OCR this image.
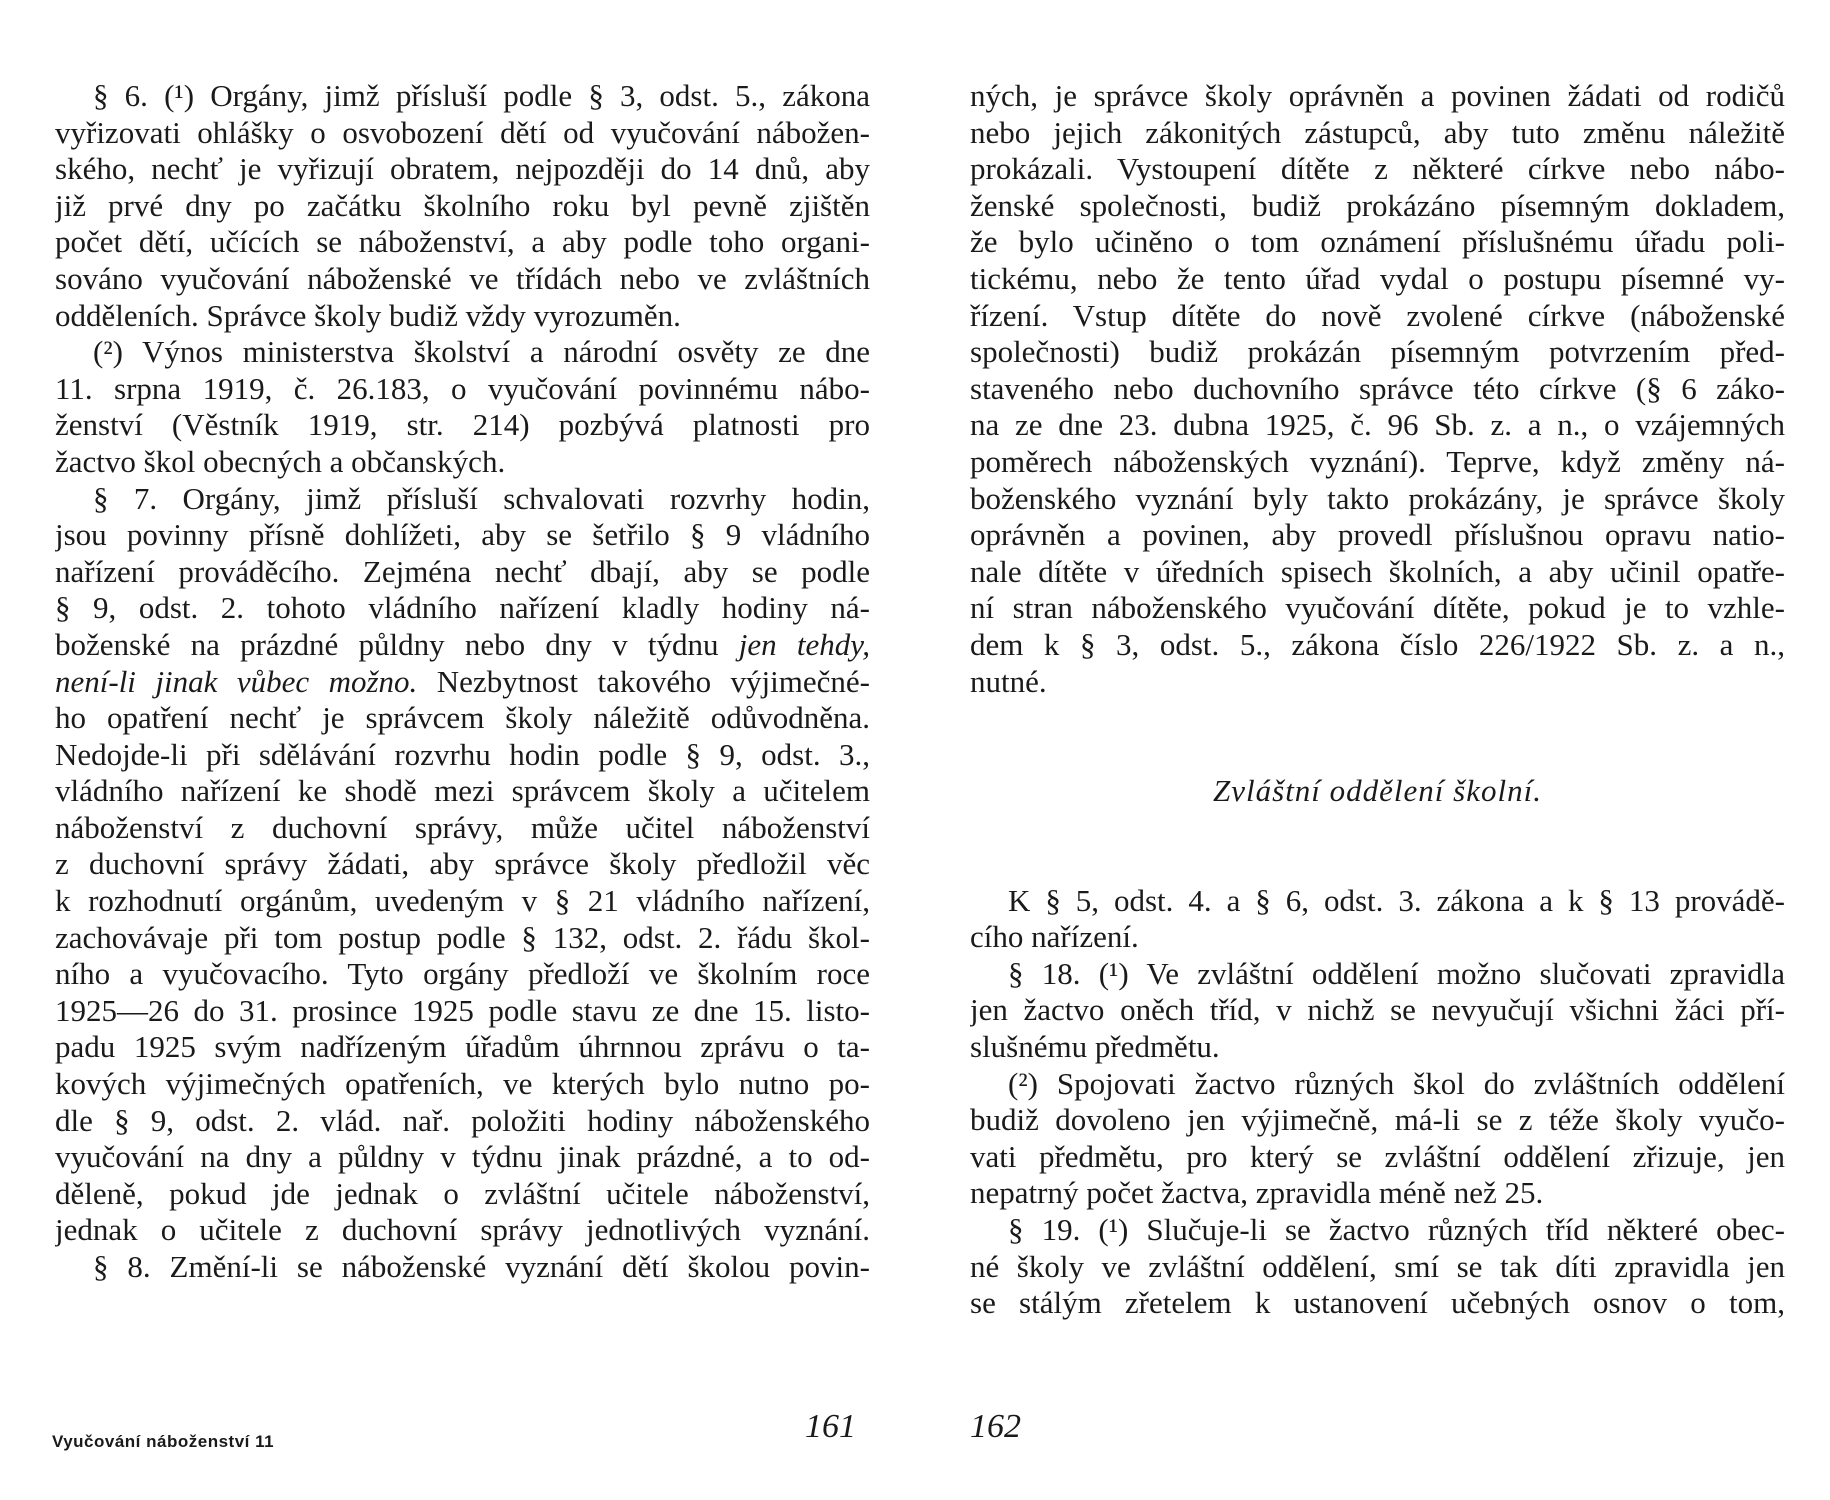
§ 6. (¹) Orgány, jimž přísluší podle § 3, odst. 5., zákona
vyřizovati ohlášky o osvobození dětí od vyučování nábožen-
ského, nechť je vyřizují obratem, nejpozději do 14 dnů, aby
již prvé dny po začátku školního roku byl pevně zjištěn
počet dětí, učících se náboženství, a aby podle toho organi-
sováno vyučování náboženské ve třídách nebo ve zvláštních
odděleních. Správce školy budiž vždy vyrozuměn.
(²) Výnos ministerstva školství a národní osvěty ze dne
11. srpna 1919, č. 26.183, o vyučování povinnému nábo-
ženství (Věstník 1919, str. 214) pozbývá platnosti pro
žactvo škol obecných a občanských.
§ 7. Orgány, jimž přísluší schvalovati rozvrhy hodin,
jsou povinny přísně dohlížeti, aby se šetřilo § 9 vládního
nařízení prováděcího. Zejména nechť dbají, aby se podle
§ 9, odst. 2. tohoto vládního nařízení kladly hodiny ná-
boženské na prázdné půldny nebo dny v týdnu jen tehdy,
není-li jinak vůbec možno. Nezbytnost takového výjimečné-
ho opatření nechť je správcem školy náležitě odůvodněna.
Nedojde-li při sdělávání rozvrhu hodin podle § 9, odst. 3.,
vládního nařízení ke shodě mezi správcem školy a učitelem
náboženství z duchovní správy, může učitel náboženství
z duchovní správy žádati, aby správce školy předložil věc
k rozhodnutí orgánům, uvedeným v § 21 vládního nařízení,
zachovávaje při tom postup podle § 132, odst. 2. řádu škol-
ního a vyučovacího. Tyto orgány předloží ve školním roce
1925—26 do 31. prosince 1925 podle stavu ze dne 15. listo-
padu 1925 svým nadřízeným úřadům úhrnnou zprávu o ta-
kových výjimečných opatřeních, ve kterých bylo nutno po-
dle § 9, odst. 2. vlád. nař. položiti hodiny náboženského
vyučování na dny a půldny v týdnu jinak prázdné, a to od-
děleně, pokud jde jednak o zvláštní učitele náboženství,
jednak o učitele z duchovní správy jednotlivých vyznání.
§ 8. Změní-li se náboženské vyznání dětí školou povin-
Vyučování náboženství 11	161
ných, je správce školy oprávněn a povinen žádati od rodičů
nebo jejich zákonitých zástupců, aby tuto změnu náležitě
prokázali. Vystoupení dítěte z některé církve nebo nábo-
ženské společnosti, budiž prokázáno písemným dokladem,
že bylo učiněno o tom oznámení příslušnému úřadu poli-
tickému, nebo že tento úřad vydal o postupu písemné vy-
řízení. Vstup dítěte do nově zvolené církve (náboženské
společnosti) budiž prokázán písemným potvrzením před-
staveného nebo duchovního správce této církve (§ 6 záko-
na ze dne 23. dubna 1925, č. 96 Sb. z. a n., o vzájemných
poměrech náboženských vyznání). Teprve, když změny ná-
boženského vyznání byly takto prokázány, je správce školy
oprávněn a povinen, aby provedl příslušnou opravu natio-
nale dítěte v úředních spisech školních, a aby učinil opatře-
ní stran náboženského vyučování dítěte, pokud je to vzhle-
dem k § 3, odst. 5., zákona číslo 226/1922 Sb. z. a n.,
nutné.
Zvláštní oddělení školní.
K § 5, odst. 4. a § 6, odst. 3. zákona a k § 13 provádě-
cího nařízení.
§ 18. (¹) Ve zvláštní oddělení možno slučovati zpravidla
jen žactvo oněch tříd, v nichž se nevyučují všichni žáci pří-
slušnému předmětu.
(²) Spojovati žactvo různých škol do zvláštních oddělení
budiž dovoleno jen výjimečně, má-li se z téže školy vyučo-
vati předmětu, pro který se zvláštní oddělení zřizuje, jen
nepatrný počet žactva, zpravidla méně než 25.
§ 19. (¹) Slučuje-li se žactvo různých tříd některé obec-
né školy ve zvláštní oddělení, smí se tak díti zpravidla jen
se stálým zřetelem k ustanovení učebných osnov o tom,
162
